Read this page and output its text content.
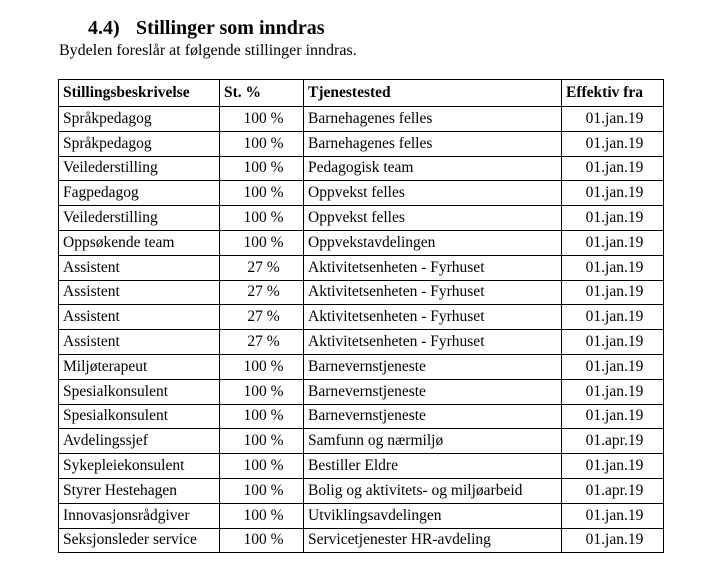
4.4) Stillinger som inndras
Bydelen foreslår at følgende stillinger inndras.
Stillingsbeskrivelse	St. %	Tjenestested	Effektiv fra
Språkpedagog	100 %	Barnehagenes felles	01.jan.19
Språkpedagog	100 %	Barnehagenes felles	01.jan.19
Veilederstilling	100 %	Pedagogisk team	01.jan.19
Fagpedagog	100 %	Oppvekst felles	01.jan.19
Veilederstilling	100 %	Oppvekst felles	01.jan.19
Oppsøkende team	100 %	Oppvekstavdelingen	01.jan.19
Assistent	27 %	Aktivitetsenheten - Fyrhuset	01.jan.19
Assistent	27 %	Aktivitetsenheten - Fyrhuset	01.jan.19
Assistent	27 %	Aktivitetsenheten - Fyrhuset	01.jan.19
Assistent	27 %	Aktivitetsenheten - Fyrhuset	01.jan.19
Miljøterapeut	100 %	Barnevernstjeneste	01.jan.19
Spesialkonsulent	100 %	Barnevernstjeneste	01.jan.19
Spesialkonsulent	100 %	Barnevernstjeneste	01.jan.19
Avdelingssjef	100 %	Samfunn og nærmiljø	01.apr.19
Sykepleiekonsulent	100 %	Bestiller Eldre	01.jan.19
Styrer Hestehagen	100 %	Bolig og aktivitets- og miljøarbeid	01.apr.19
Innovasjonsrådgiver	100 %	Utviklingsavdelingen	01.jan.19
Seksjonsleder service	100 %	Servicetjenester HR-avdeling	01.jan.19
